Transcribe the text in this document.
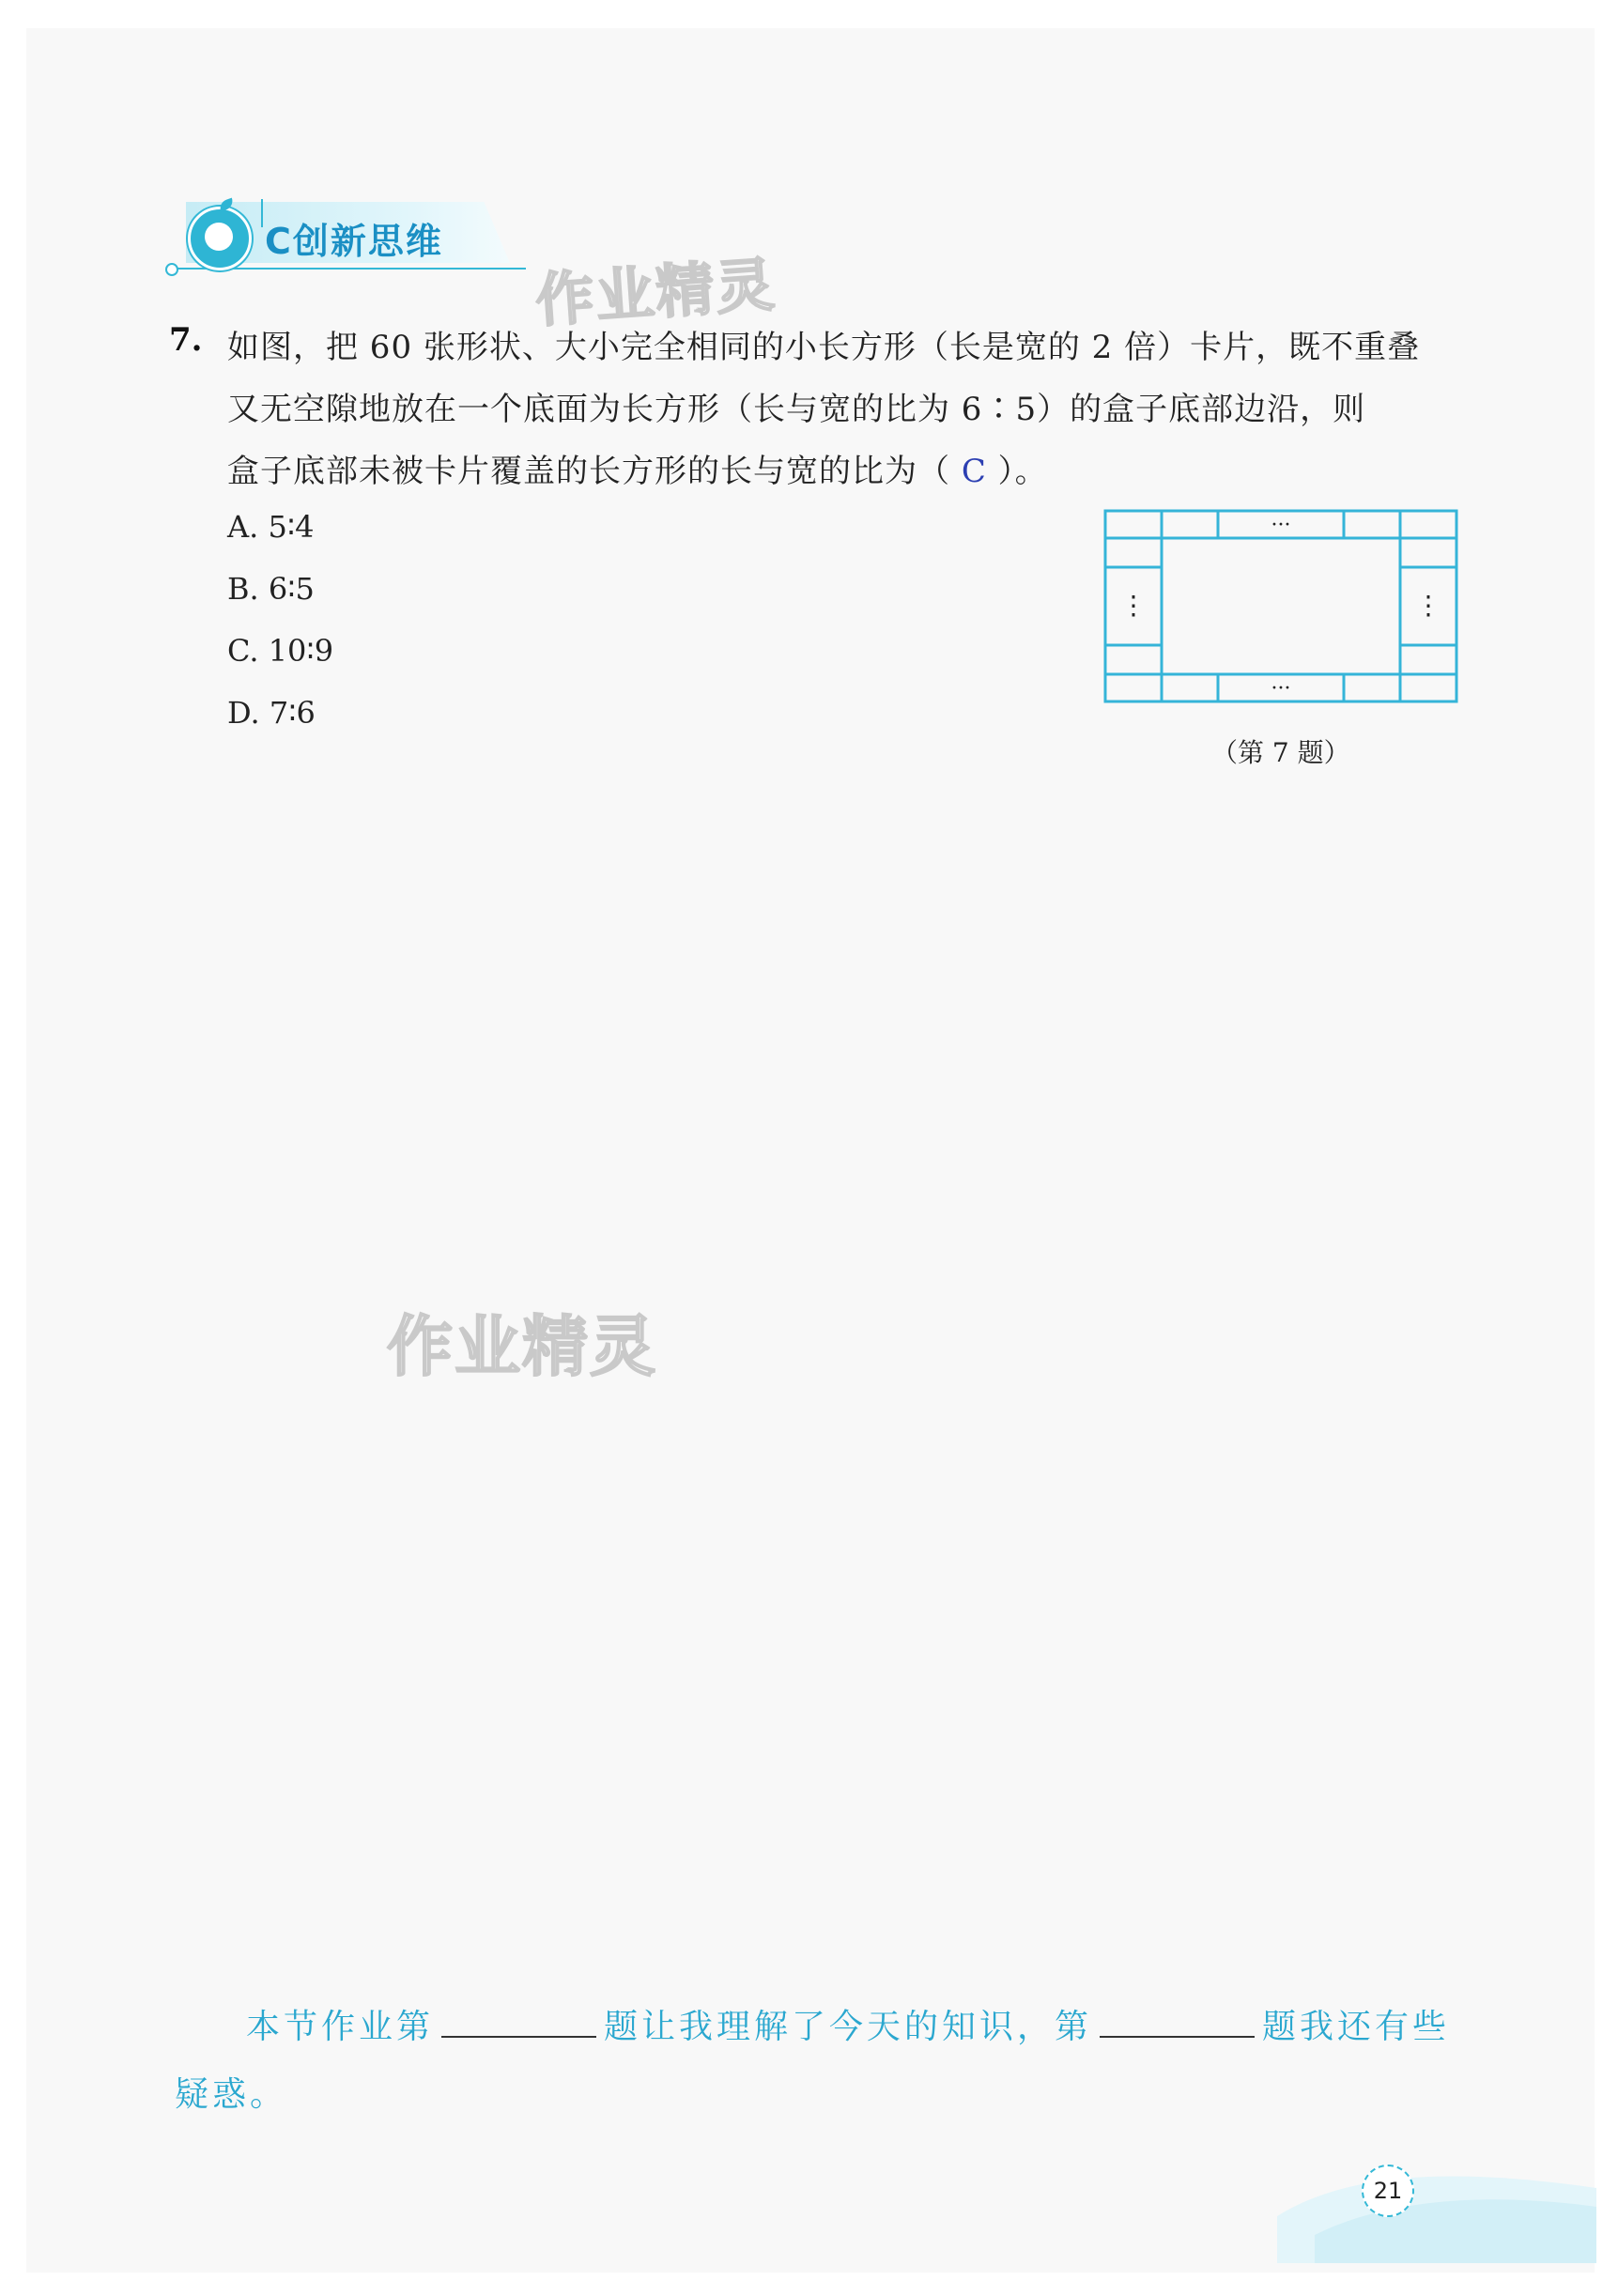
C创新思维
作业精灵
作业精灵
7. 如图，把 60 张形状、大小完全相同的小长方形（长是宽的 2 倍）卡片，既不重叠
又无空隙地放在一个底面为长方形（长与宽的比为 6∶5）的盒子底部边沿，则
盒子底部未被卡片覆盖的长方形的长与宽的比为（ C ）。
A. 5∶4
B. 6∶5
C. 10∶9
D. 7∶6
···
···
⋮	⋮
（第 7 题）
本节作业第	题让我理解了今天的知识，第	题我还有些
疑惑。
21
